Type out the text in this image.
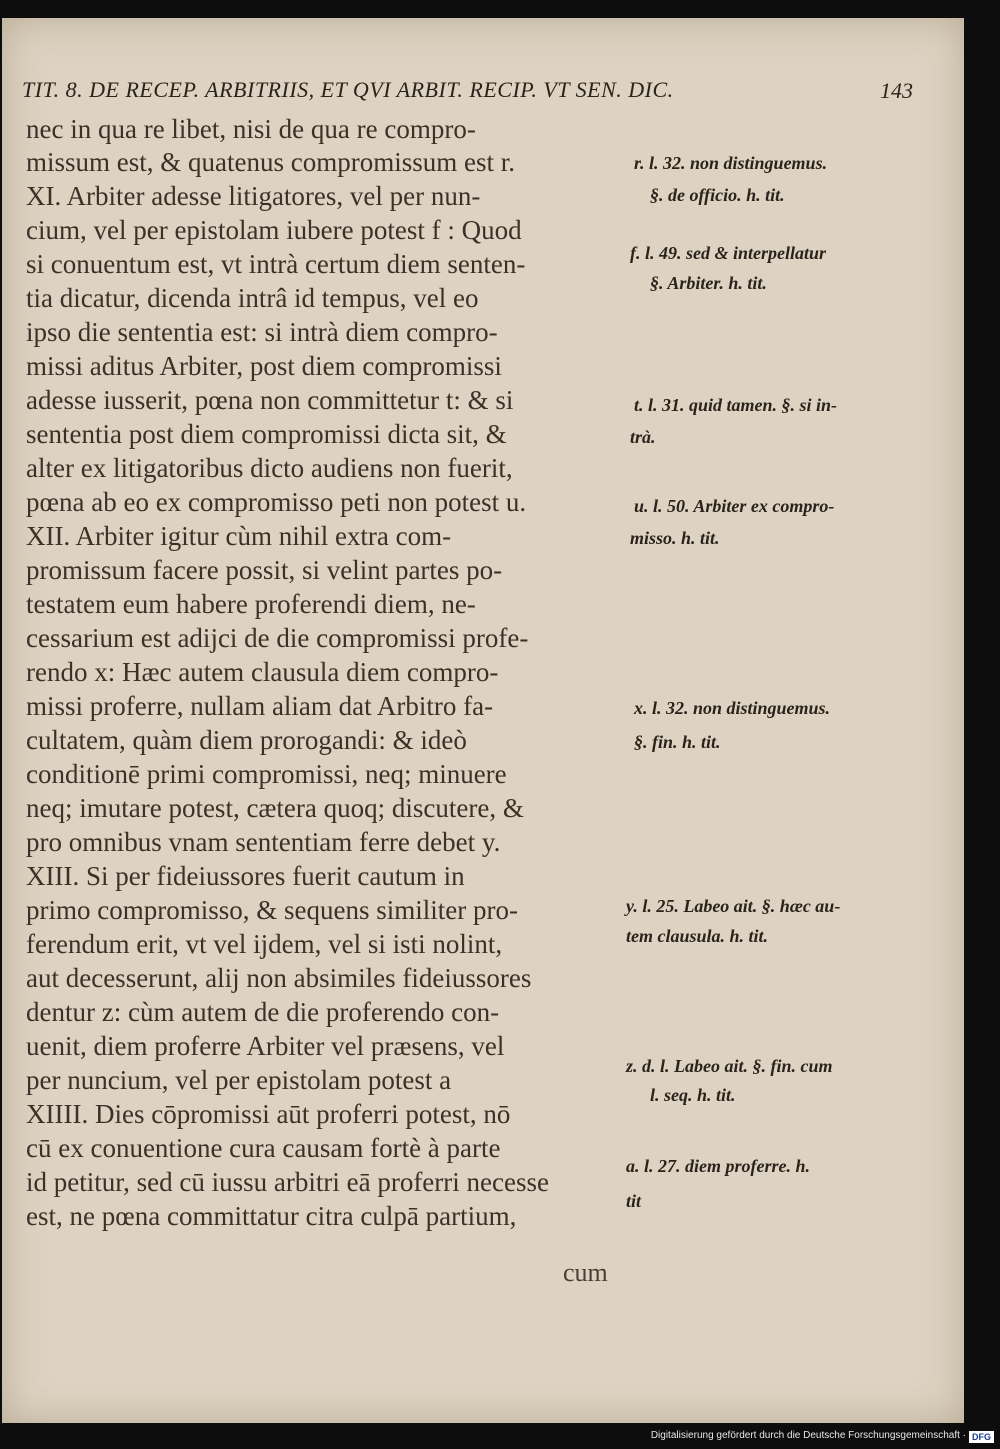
TIT. 8. DE RECEP. ARBITRIIS, ET QVI ARBIT. RECIP. VT SEN. DIC.	143
nec in qua re libet, nisi de qua re compro-
missum est, & quatenus compromissum est r.
XI. Arbiter adesse litigatores, vel per nun-
cium, vel per epistolam iubere potest f : Quod
si conuentum est, vt intrà certum diem senten-
tia dicatur, dicenda intrâ id tempus, vel eo
ipso die sententia est: si intrà diem compro-
missi aditus Arbiter, post diem compromissi
adesse iusserit, pœna non committetur t: & si
sententia post diem compromissi dicta sit, &
alter ex litigatoribus dicto audiens non fuerit,
pœna ab eo ex compromisso peti non potest u.
XII. Arbiter igitur cùm nihil extra com-
promissum facere possit, si velint partes po-
testatem eum habere proferendi diem, ne-
cessarium est adijci de die compromissi profe-
rendo x: Hæc autem clausula diem compro-
missi proferre, nullam aliam dat Arbitro fa-
cultatem, quàm diem prorogandi: & ideò
conditionē primi compromissi, neq; minuere
neq; imutare potest, cætera quoq; discutere, &
pro omnibus vnam sententiam ferre debet y.
XIII. Si per fideiussores fuerit cautum in
primo compromisso, & sequens similiter pro-
ferendum erit, vt vel ijdem, vel si isti nolint,
aut decesserunt, alij non absimiles fideiussores
dentur z: cùm autem de die proferendo con-
uenit, diem proferre Arbiter vel præsens, vel
per nuncium, vel per epistolam potest a
XIIII. Dies cōpromissi aūt proferri potest, nō
cū ex conuentione cura causam fortè à parte
id petitur, sed cū iussu arbitri eā proferri necesse
est, ne pœna committatur citra culpā partium,
cum
r. l. 32. non distinguemus.
§. de officio. h. tit.
f. l. 49. sed & interpellatur
§. Arbiter. h. tit.
t. l. 31. quid tamen. §. si in-
trà.
u. l. 50. Arbiter ex compro-
misso. h. tit.
x. l. 32. non distinguemus.
§. fin. h. tit.
y. l. 25. Labeo ait. §. hæc au-
tem clausula. h. tit.
z. d. l. Labeo ait. §. fin. cum
l. seq. h. tit.
a. l. 27. diem proferre. h.
tit
Digitalisierung gefördert durch die Deutsche Forschungsgemeinschaft · DFG
